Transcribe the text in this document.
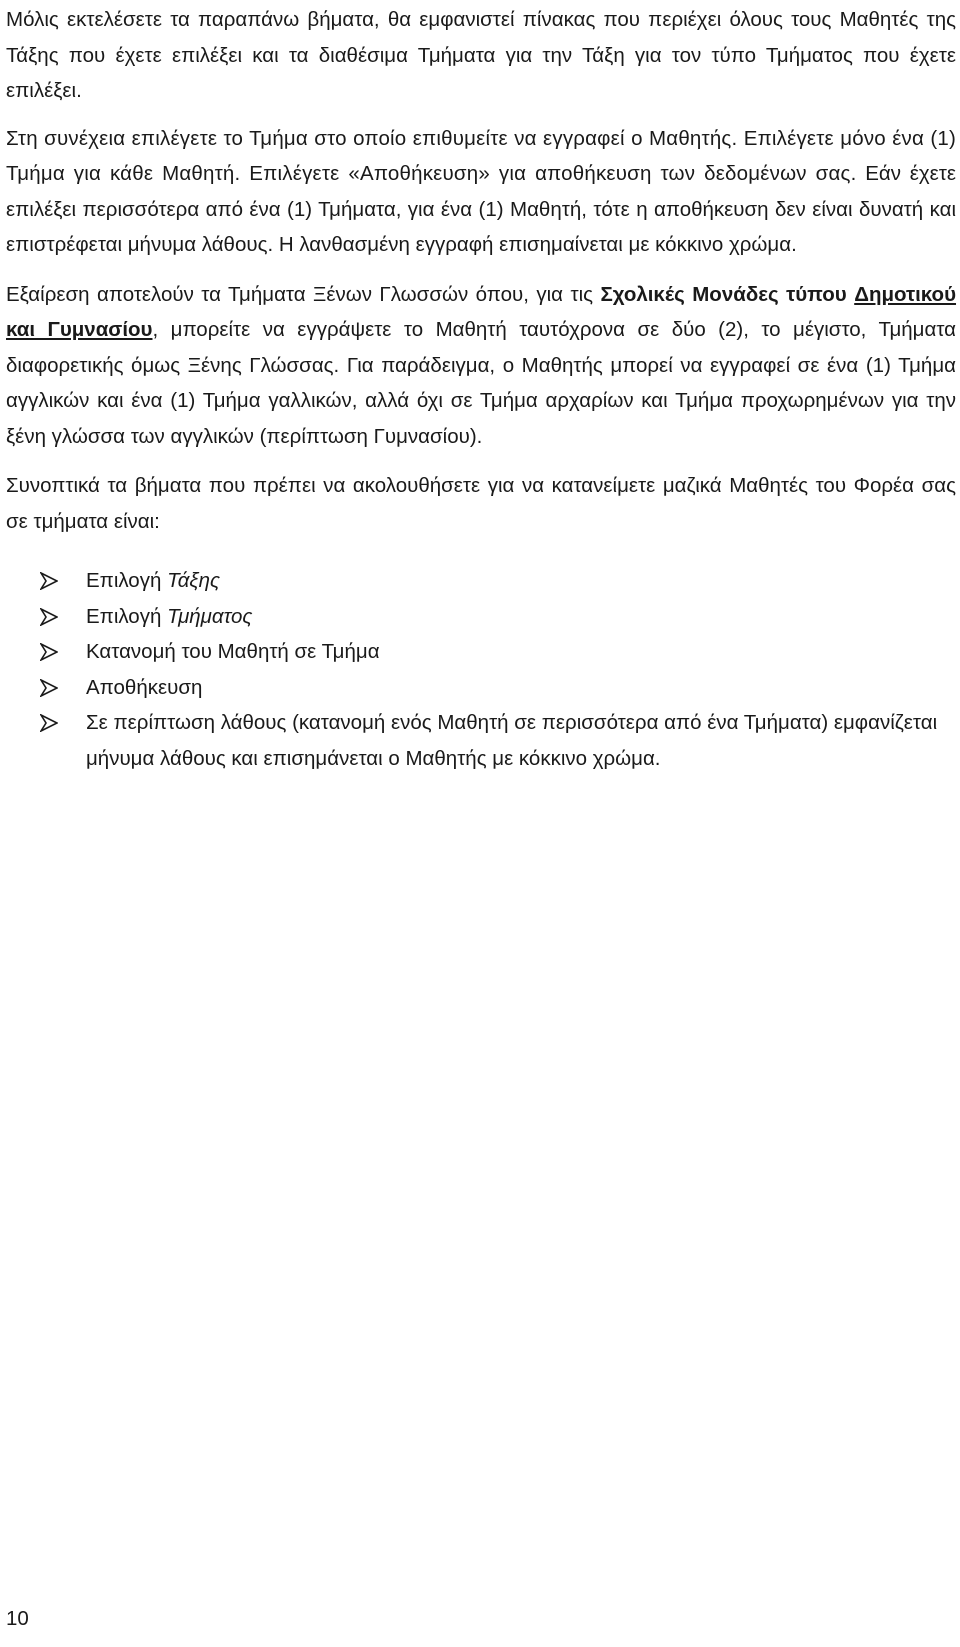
Μόλις εκτελέσετε τα παραπάνω βήματα, θα εμφανιστεί πίνακας που περιέχει όλους τους Μαθητές της Τάξης που έχετε επιλέξει και τα διαθέσιμα Τμήματα για την Τάξη για τον τύπο Τμήματος που έχετε επιλέξει.

Στη συνέχεια επιλέγετε το Τμήμα στο οποίο επιθυμείτε να εγγραφεί ο Μαθητής. Επιλέγετε μόνο ένα (1) Τμήμα για κάθε Μαθητή. Επιλέγετε «Αποθήκευση» για αποθήκευση των δεδομένων σας. Εάν έχετε επιλέξει περισσότερα από ένα (1) Τμήματα, για ένα (1) Μαθητή, τότε η αποθήκευση δεν είναι δυνατή και επιστρέφεται μήνυμα λάθους. Η λανθασμένη εγγραφή επισημαίνεται με κόκκινο χρώμα.

Εξαίρεση αποτελούν τα Τμήματα Ξένων Γλωσσών όπου, για τις Σχολικές Μονάδες τύπου Δημοτικού και Γυμνασίου, μπορείτε να εγγράψετε το Μαθητή ταυτόχρονα σε δύο (2), το μέγιστο, Τμήματα διαφορετικής όμως Ξένης Γλώσσας. Για παράδειγμα, ο Μαθητής μπορεί να εγγραφεί σε ένα (1) Τμήμα αγγλικών και ένα (1) Τμήμα γαλλικών, αλλά όχι σε Τμήμα αρχαρίων και Τμήμα προχωρημένων για την ξένη γλώσσα των αγγλικών (περίπτωση Γυμνασίου).

Συνοπτικά τα βήματα που πρέπει να ακολουθήσετε για να κατανείμετε μαζικά Μαθητές του Φορέα σας σε τμήματα είναι:

Επιλογή Τάξης
Επιλογή Τμήματος
Κατανομή του Μαθητή σε Τμήμα
Αποθήκευση
Σε περίπτωση λάθους (κατανομή ενός Μαθητή σε περισσότερα από ένα Τμήματα) εμφανίζεται μήνυμα λάθους και επισημάνεται ο Μαθητής με κόκκινο χρώμα.
10
